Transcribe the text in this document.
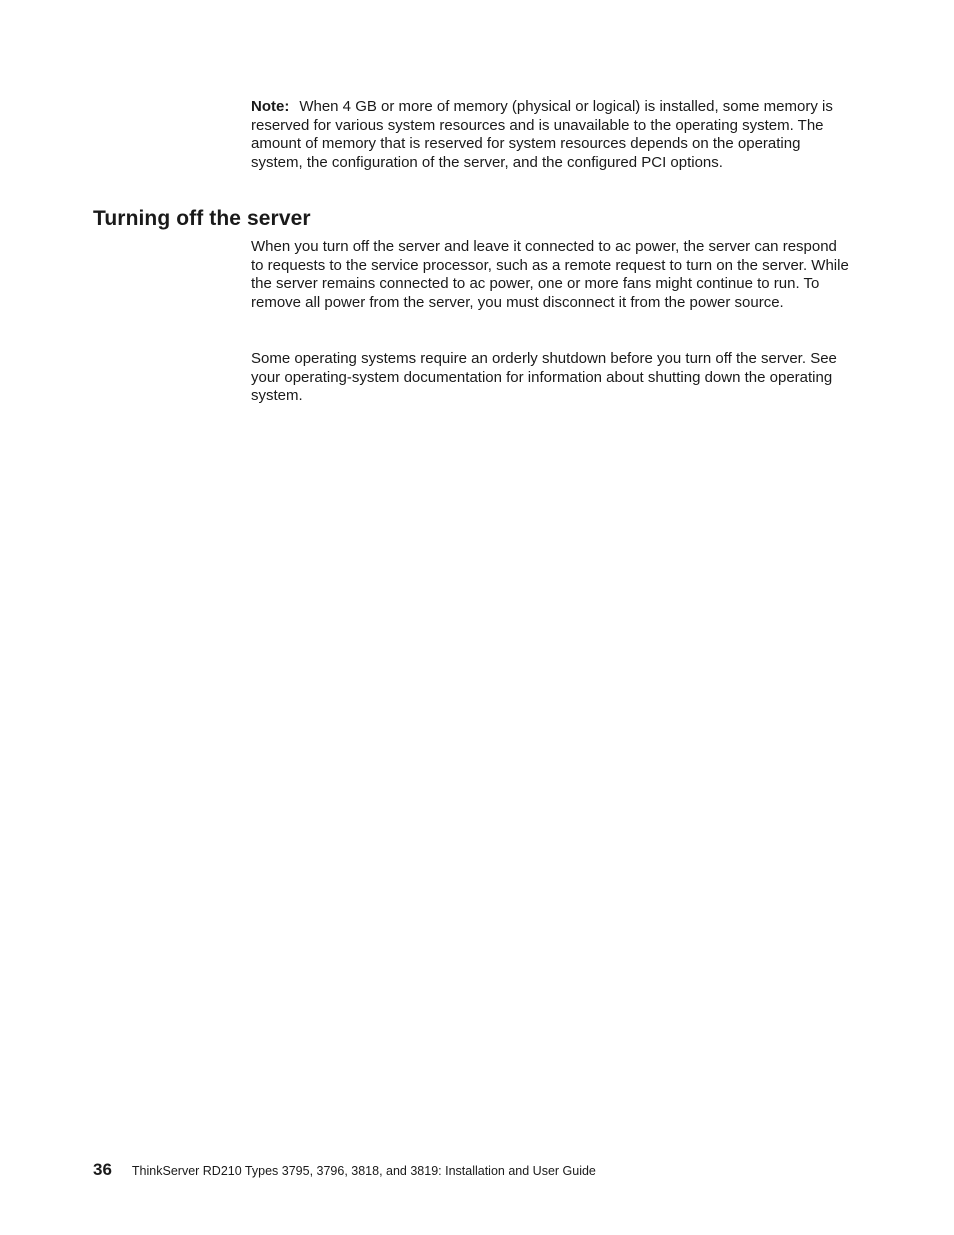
Note: When 4 GB or more of memory (physical or logical) is installed, some memory is reserved for various system resources and is unavailable to the operating system. The amount of memory that is reserved for system resources depends on the operating system, the configuration of the server, and the configured PCI options.
Turning off the server

When you turn off the server and leave it connected to ac power, the server can respond to requests to the service processor, such as a remote request to turn on the server. While the server remains connected to ac power, one or more fans might continue to run. To remove all power from the server, you must disconnect it from the power source.

Some operating systems require an orderly shutdown before you turn off the server. See your operating-system documentation for information about shutting down the operating system.

36 ThinkServer RD210 Types 3795, 3796, 3818, and 3819: Installation and User Guide
